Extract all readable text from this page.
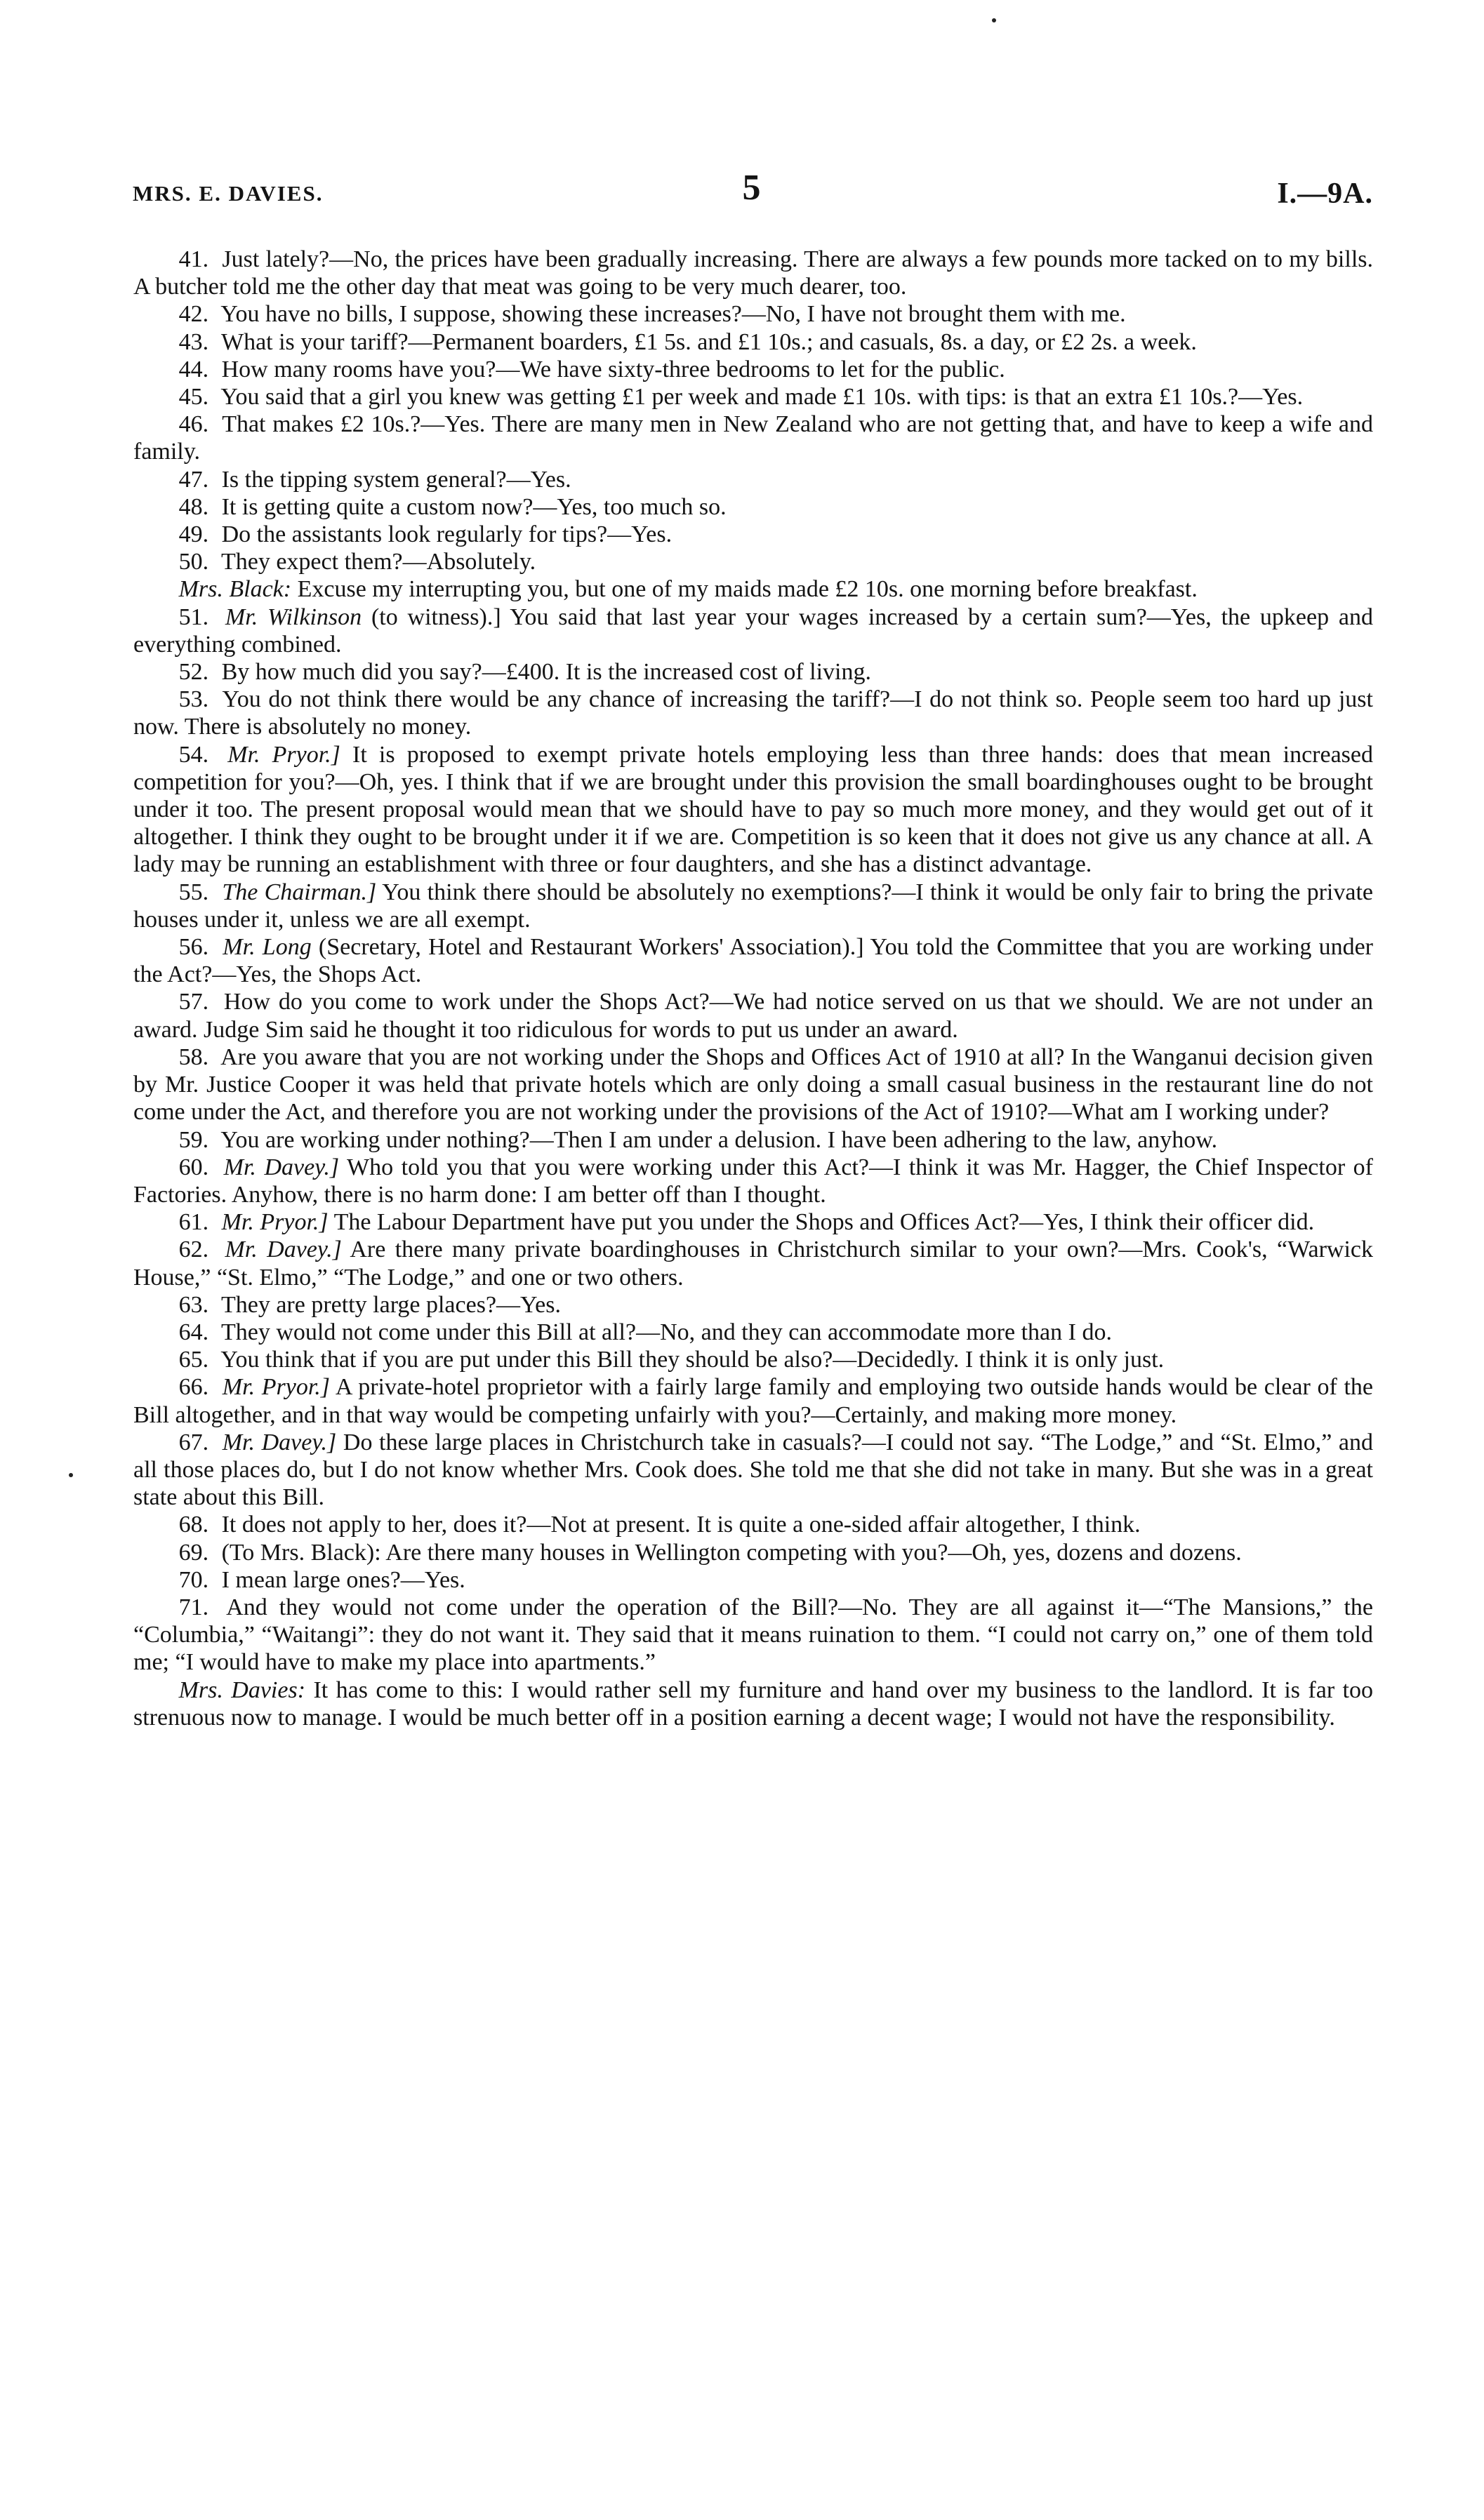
MRS. E. DAVIES.	5	I.—9A.

41. Just lately?—No, the prices have been gradually increasing. There are always a few pounds more tacked on to my bills. A butcher told me the other day that meat was going to be very much dearer, too.

42. You have no bills, I suppose, showing these increases?—No, I have not brought them with me.

43. What is your tariff?—Permanent boarders, £1 5s. and £1 10s.; and casuals, 8s. a day, or £2 2s. a week.

44. How many rooms have you?—We have sixty-three bedrooms to let for the public.

45. You said that a girl you knew was getting £1 per week and made £1 10s. with tips: is that an extra £1 10s.?—Yes.

46. That makes £2 10s.?—Yes. There are many men in New Zealand who are not getting that, and have to keep a wife and family.

47. Is the tipping system general?—Yes.

48. It is getting quite a custom now?—Yes, too much so.

49. Do the assistants look regularly for tips?—Yes.

50. They expect them?—Absolutely.

Mrs. Black: Excuse my interrupting you, but one of my maids made £2 10s. one morning before breakfast.

51. Mr. Wilkinson (to witness).] You said that last year your wages increased by a certain sum?—Yes, the upkeep and everything combined.

52. By how much did you say?—£400. It is the increased cost of living.

53. You do not think there would be any chance of increasing the tariff?—I do not think so. People seem too hard up just now. There is absolutely no money.

54. Mr. Pryor.] It is proposed to exempt private hotels employing less than three hands: does that mean increased competition for you?—Oh, yes. I think that if we are brought under this provision the small boardinghouses ought to be brought under it too. The present proposal would mean that we should have to pay so much more money, and they would get out of it altogether. I think they ought to be brought under it if we are. Competition is so keen that it does not give us any chance at all. A lady may be running an establishment with three or four daughters, and she has a distinct advantage.

55. The Chairman.] You think there should be absolutely no exemptions?—I think it would be only fair to bring the private houses under it, unless we are all exempt.

56. Mr. Long (Secretary, Hotel and Restaurant Workers' Association).] You told the Committee that you are working under the Act?—Yes, the Shops Act.

57. How do you come to work under the Shops Act?—We had notice served on us that we should. We are not under an award. Judge Sim said he thought it too ridiculous for words to put us under an award.

58. Are you aware that you are not working under the Shops and Offices Act of 1910 at all? In the Wanganui decision given by Mr. Justice Cooper it was held that private hotels which are only doing a small casual business in the restaurant line do not come under the Act, and therefore you are not working under the provisions of the Act of 1910?—What am I working under?

59. You are working under nothing?—Then I am under a delusion. I have been adhering to the law, anyhow.

60. Mr. Davey.] Who told you that you were working under this Act?—I think it was Mr. Hagger, the Chief Inspector of Factories. Anyhow, there is no harm done: I am better off than I thought.

61. Mr. Pryor.] The Labour Department have put you under the Shops and Offices Act?—Yes, I think their officer did.

62. Mr. Davey.] Are there many private boardinghouses in Christchurch similar to your own?—Mrs. Cook's, “Warwick House,” “St. Elmo,” “The Lodge,” and one or two others.

63. They are pretty large places?—Yes.

64. They would not come under this Bill at all?—No, and they can accommodate more than I do.

65. You think that if you are put under this Bill they should be also?—Decidedly. I think it is only just.

66. Mr. Pryor.] A private-hotel proprietor with a fairly large family and employing two outside hands would be clear of the Bill altogether, and in that way would be competing unfairly with you?—Certainly, and making more money.

67. Mr. Davey.] Do these large places in Christchurch take in casuals?—I could not say. “The Lodge,” and “St. Elmo,” and all those places do, but I do not know whether Mrs. Cook does. She told me that she did not take in many. But she was in a great state about this Bill.

68. It does not apply to her, does it?—Not at present. It is quite a one-sided affair altogether, I think.

69. (To Mrs. Black): Are there many houses in Wellington competing with you?—Oh, yes, dozens and dozens.

70. I mean large ones?—Yes.

71. And they would not come under the operation of the Bill?—No. They are all against it—“The Mansions,” the “Columbia,” “Waitangi”: they do not want it. They said that it means ruination to them. “I could not carry on,” one of them told me; “I would have to make my place into apartments.”

Mrs. Davies: It has come to this: I would rather sell my furniture and hand over my business to the landlord. It is far too strenuous now to manage. I would be much better off in a position earning a decent wage; I would not have the responsibility.
